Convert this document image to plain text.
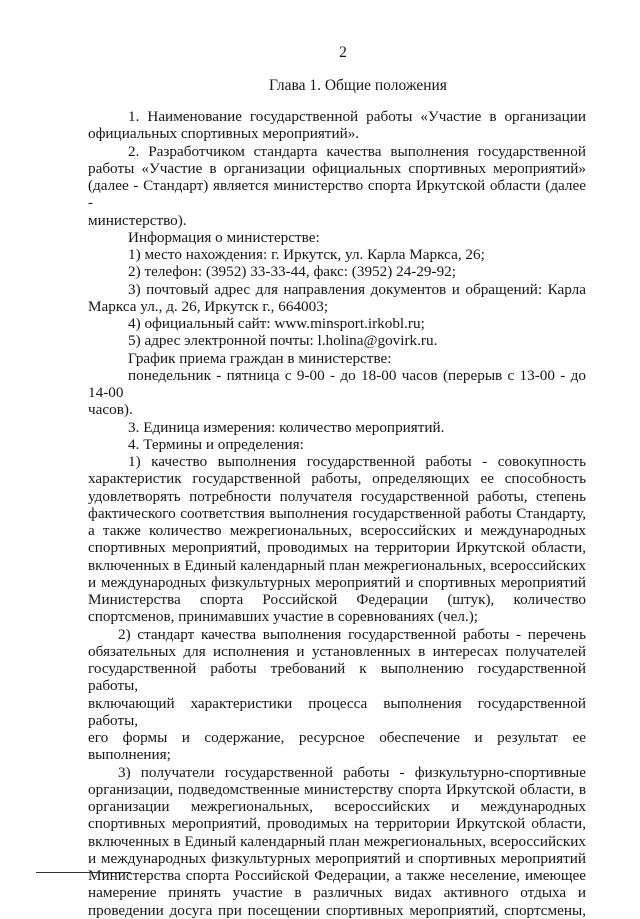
2
Глава 1. Общие положения

1. Наименование государственной работы «Участие в организации

официальных спортивных мероприятий».

2. Разработчиком стандарта качества выполнения государственной

работы «Участие в организации официальных спортивных мероприятий»

(далее - Стандарт) является министерство спорта Иркутской области (далее -

министерство).

Информация о министерстве:

1) место нахождения: г. Иркутск, ул. Карла Маркса, 26;

2) телефон: (3952) 33-33-44, факс: (3952) 24-29-92;

3) почтовый адрес для направления документов и обращений: Карла

Маркса ул., д. 26, Иркутск г., 664003;

4) официальный сайт: www.minsport.irkobl.ru;

5) адрес электронной почты: l.holina@govirk.ru.

График приема граждан в министерстве:

понедельник - пятница с 9-00 - до 18-00 часов (перерыв с 13-00 - до 14-00

часов).

3. Единица измерения: количество мероприятий.

4. Термины и определения:

1) качество выполнения государственной работы - совокупность

характеристик государственной работы, определяющих ее способность

удовлетворять потребности получателя государственной работы, степень

фактического соответствия выполнения государственной работы Стандарту,

а также количество межрегиональных, всероссийских и международных

спортивных мероприятий, проводимых на территории Иркутской области,

включенных в Единый календарный план межрегиональных, всероссийских

и международных физкультурных мероприятий и спортивных мероприятий

Министерства спорта Российской Федерации (штук), количество

спортсменов, принимавших участие в соревнованиях (чел.);

2) стандарт качества выполнения государственной работы - перечень

обязательных для исполнения и установленных в интересах получателей

государственной работы требований к выполнению государственной работы,

включающий характеристики процесса выполнения государственной работы,

его формы и содержание, ресурсное обеспечение и результат ее выполнения;

3) получатели государственной работы - физкультурно-спортивные

организации, подведомственные министерству спорта Иркутской области, в

организации межрегиональных, всероссийских и международных

спортивных мероприятий, проводимых на территории Иркутской области,

включенных в Единый календарный план межрегиональных, всероссийских

и международных физкультурных мероприятий и спортивных мероприятий

Министерства спорта Российской Федерации, а также неселение, имеющее

намерение принять участие в различных видах активного отдыха и

проведении досуга при посещении спортивных мероприятий, спортсмены,
